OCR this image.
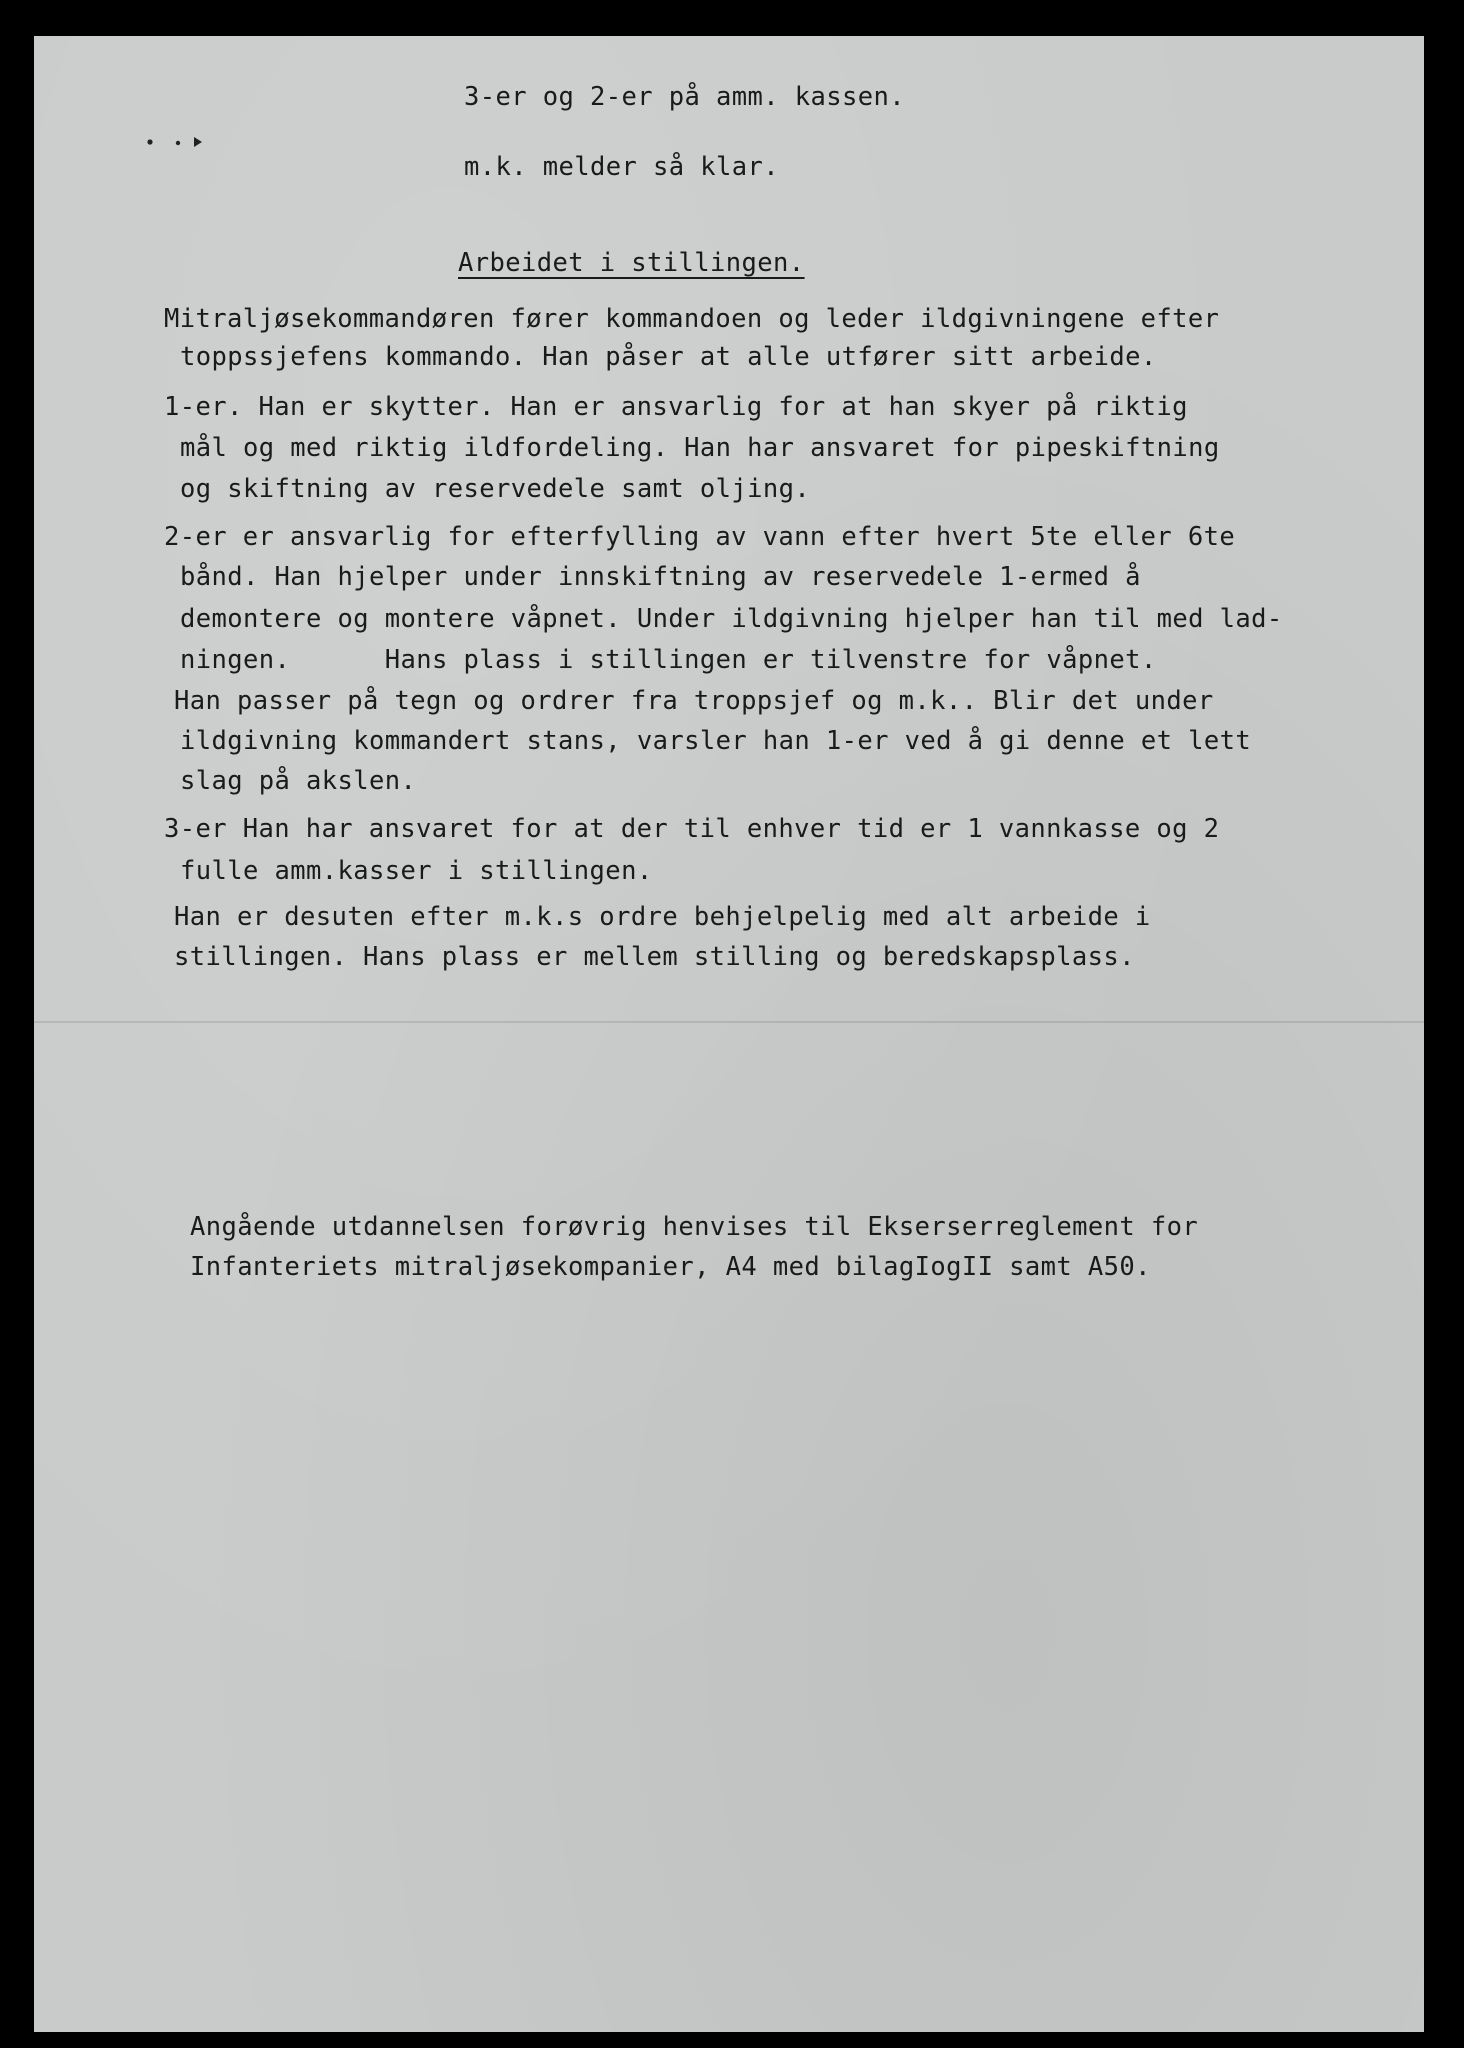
3-er og 2-er på amm. kassen.
m.k. melder så klar.
Arbeidet i stillingen.
Mitraljøsekommandøren fører kommandoen og leder ildgivningene efter
toppssjefens kommando. Han påser at alle utfører sitt arbeide.
1-er. Han er skytter. Han er ansvarlig for at han skyer på riktig
mål og med riktig ildfordeling. Han har ansvaret for pipeskiftning
og skiftning av reservedele samt oljing.
2-er er ansvarlig for efterfylling av vann efter hvert 5te eller 6te
bånd. Han hjelper under innskiftning av reservedele 1-ermed å
demontere og montere våpnet. Under ildgivning hjelper han til med lad-
ningen.      Hans plass i stillingen er tilvenstre for våpnet.
Han passer på tegn og ordrer fra troppsjef og m.k.. Blir det under
ildgivning kommandert stans, varsler han 1-er ved å gi denne et lett
slag på akslen.
3-er Han har ansvaret for at der til enhver tid er 1 vannkasse og 2
fulle amm.kasser i stillingen.
Han er desuten efter m.k.s ordre behjelpelig med alt arbeide i
stillingen. Hans plass er mellem stilling og beredskapsplass.
Angående utdannelsen forøvrig henvises til Ekserserreglement for
Infanteriets mitraljøsekompanier, A4 med bilagIogII samt A50.
